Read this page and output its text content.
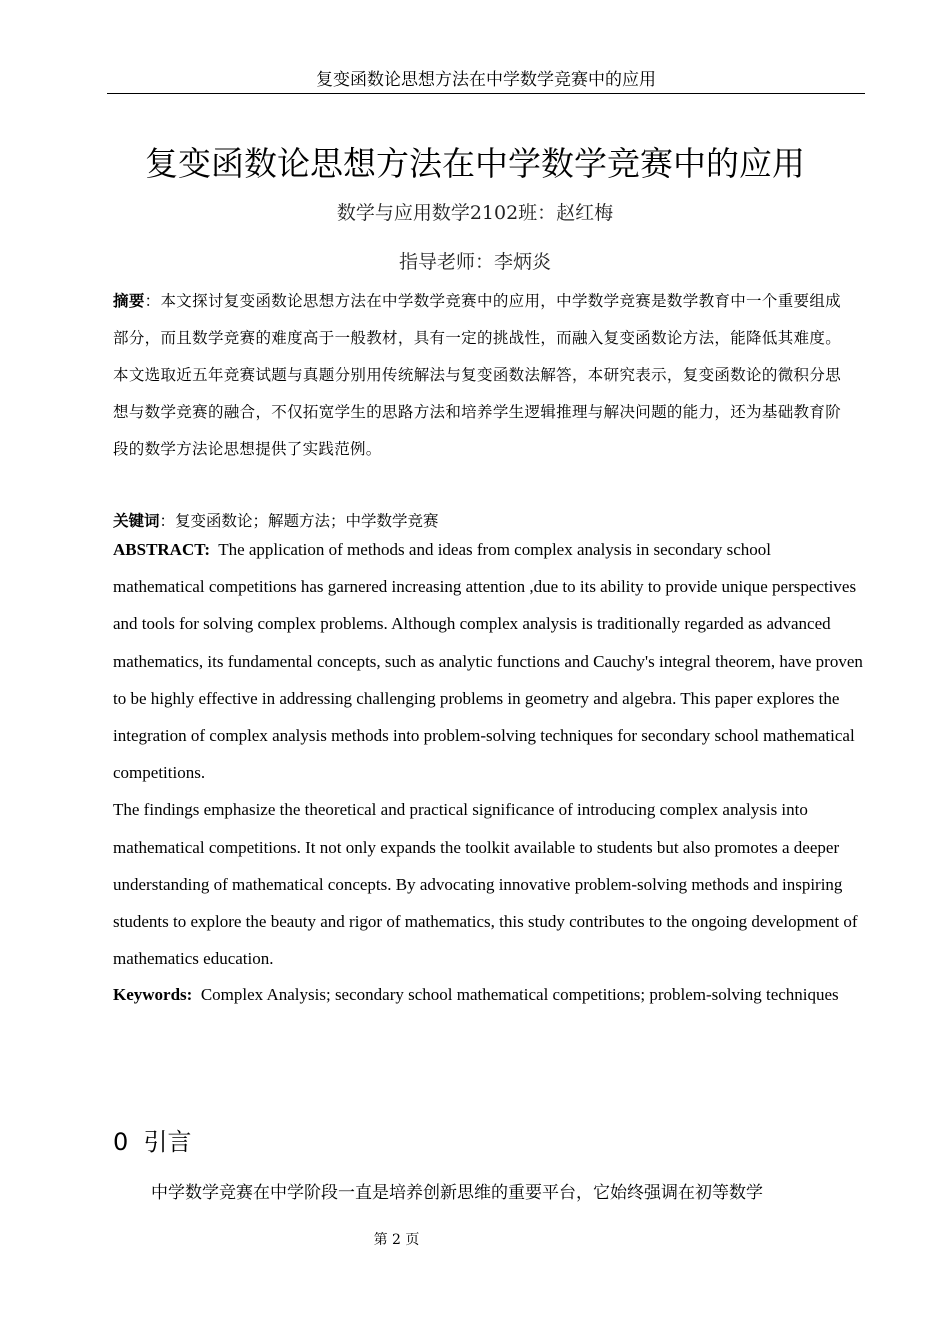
复变函数论思想方法在中学数学竞赛中的应用
复变函数论思想方法在中学数学竞赛中的应用
数学与应用数学2102班：赵红梅
指导老师：李炳炎
摘要：本文探讨复变函数论思想方法在中学数学竞赛中的应用，中学数学竞赛是数学教育中一个重要组成部分，而且数学竞赛的难度高于一般教材，具有一定的挑战性，而融入复变函数论方法，能降低其难度。本文选取近五年竞赛试题与真题分别用传统解法与复变函数法解答，本研究表示，复变函数论的微积分思想与数学竞赛的融合，不仅拓宽学生的思路方法和培养学生逻辑推理与解决问题的能力，还为基础教育阶段的数学方法论思想提供了实践范例。
关键词：复变函数论；解题方法；中学数学竞赛

ABSTRACT: The application of methods and ideas from complex analysis in secondary school mathematical competitions has garnered increasing attention ,due to its ability to provide unique perspectives and tools for solving complex problems. Although complex analysis is traditionally regarded as advanced mathematics, its fundamental concepts, such as analytic functions and Cauchy's integral theorem, have proven to be highly effective in addressing challenging problems in geometry and algebra. This paper explores the integration of complex analysis methods into problem-solving techniques for secondary school mathematical competitions.

The findings emphasize the theoretical and practical significance of introducing complex analysis into mathematical competitions. It not only expands the toolkit available to students but also promotes a deeper understanding of mathematical concepts. By advocating innovative problem-solving methods and inspiring students to explore the beauty and rigor of mathematics, this study contributes to the ongoing development of mathematics education.

Keywords: Complex Analysis; secondary school mathematical competitions; problem-solving techniques
0 引言
中学数学竞赛在中学阶段一直是培养创新思维的重要平台，它始终强调在初等数学
第 2 页
